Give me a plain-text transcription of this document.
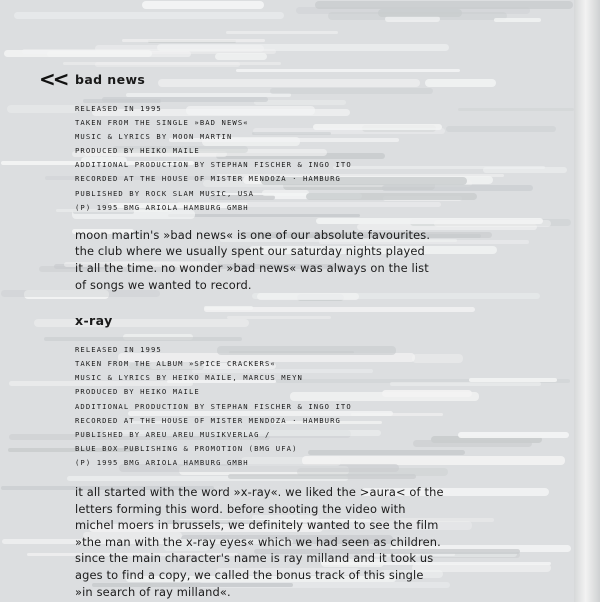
<< bad news
RELEASED IN 1995
TAKEN FROM THE SINGLE »BAD NEWS«
MUSIC & LYRICS BY MOON MARTIN
PRODUCED BY HEIKO MAILE
ADDITIONAL PRODUCTION BY STEPHAN FISCHER & INGO ITO
RECORDED AT THE HOUSE OF MISTER MENDOZA · HAMBURG
PUBLISHED BY ROCK SLAM MUSIC, USA
(P) 1995 BMG ARIOLA HAMBURG GMBH

moon martin's »bad news« is one of our absolute favourites.

the club where we usually spent our saturday nights played

it all the time. no wonder »bad news« was always on the list

of songs we wanted to record.

x-ray
RELEASED IN 1995
TAKEN FROM THE ALBUM »SPICE CRACKERS«
MUSIC & LYRICS BY HEIKO MAILE, MARCUS MEYN
PRODUCED BY HEIKO MAILE
ADDITIONAL PRODUCTION BY STEPHAN FISCHER & INGO ITO
RECORDED AT THE HOUSE OF MISTER MENDOZA · HAMBURG
PUBLISHED BY AREU AREU MUSIKVERLAG /
BLUE BOX PUBLISHING & PROMOTION (BMG UFA)
(P) 1995 BMG ARIOLA HAMBURG GMBH

it all started with the word »x-ray«. we liked the >aura< of the

letters forming this word. before shooting the video with

michel moers in brussels, we definitely wanted to see the film

»the man with the x-ray eyes« which we had seen as children.

since the main character's name is ray milland and it took us

ages to find a copy, we called the bonus track of this single

»in search of ray milland«.
